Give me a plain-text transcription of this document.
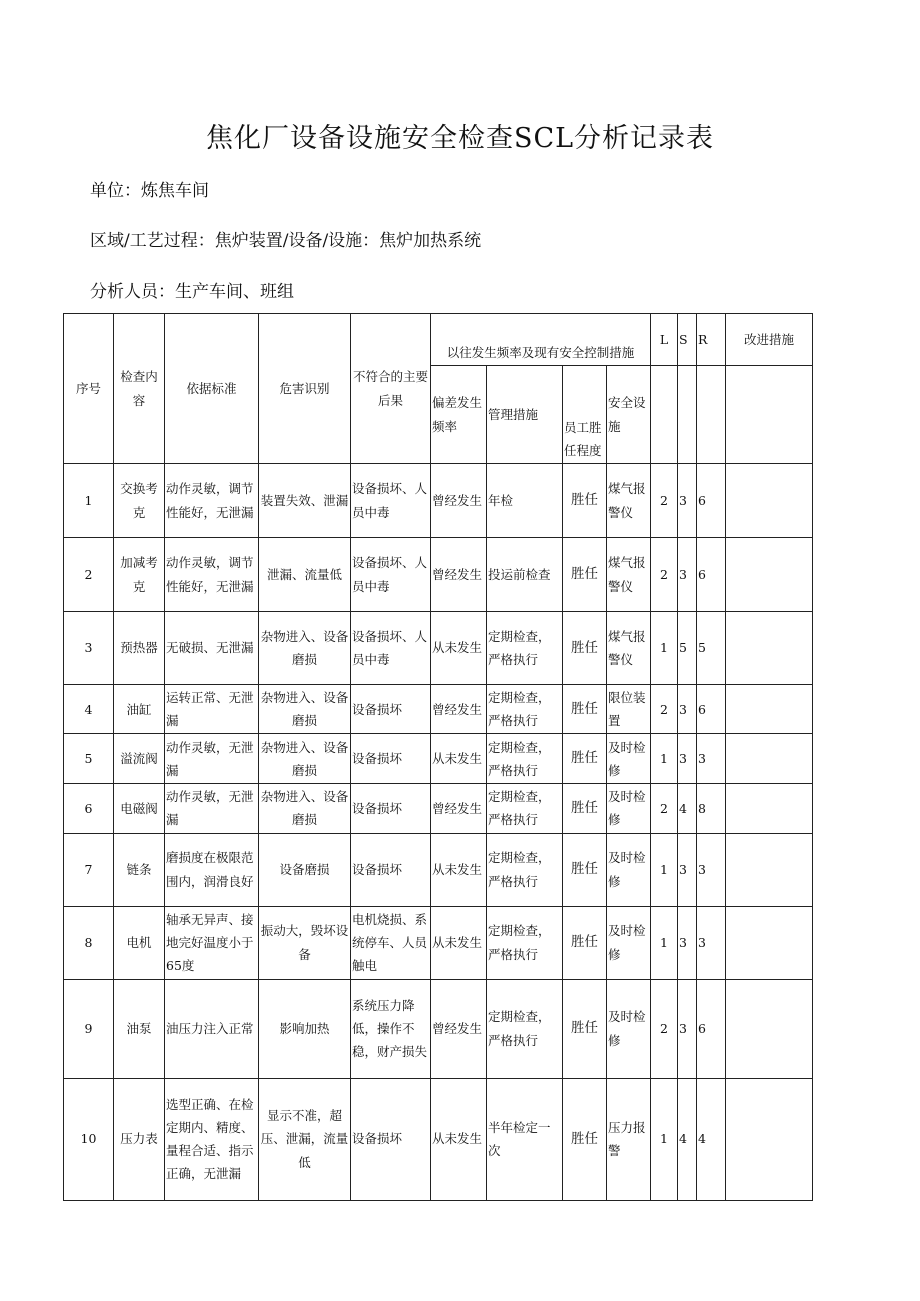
焦化厂设备设施安全检查SCL分析记录表
单位：炼焦车间
区域/工艺过程：焦炉装置/设备/设施：焦炉加热系统
分析人员：生产车间、班组
序号	检查内容	依据标准	危害识别	不符合的主要后果	以往发生频率及现有安全控制措施				L	S	R	改进措施
					偏差发生频率	管理措施	员工胜任程度	安全设施				
1	交换考克	动作灵敏，调节性能好，无泄漏	装置失效、泄漏	设备损坏、人员中毒	曾经发生	年检	胜任	煤气报警仪	2	3	6	
2	加减考克	动作灵敏，调节性能好，无泄漏	泄漏、流量低	设备损坏、人员中毒	曾经发生	投运前检查	胜任	煤气报警仪	2	3	6	
3	预热器	无破损、无泄漏	杂物进入、设备磨损	设备损坏、人员中毒	从未发生	定期检查，严格执行	胜任	煤气报警仪	1	5	5	
4	油缸	运转正常、无泄漏	杂物进入、设备磨损	设备损坏	曾经发生	定期检查，严格执行	胜任	限位装置	2	3	6	
5	溢流阀	动作灵敏，无泄漏	杂物进入、设备磨损	设备损坏	从未发生	定期检查，严格执行	胜任	及时检修	1	3	3	
6	电磁阀	动作灵敏，无泄漏	杂物进入、设备磨损	设备损坏	曾经发生	定期检查，严格执行	胜任	及时检修	2	4	8	
7	链条	磨损度在极限范围内，润滑良好	设备磨损	设备损坏	从未发生	定期检查，严格执行	胜任	及时检修	1	3	3	
8	电机	轴承无异声、接地完好温度小于65度	振动大，毁坏设备	电机烧损、系统停车、人员触电	从未发生	定期检查，严格执行	胜任	及时检修	1	3	3	
9	油泵	油压力注入正常	影响加热	系统压力降低，操作不稳，财产损失	曾经发生	定期检查，严格执行	胜任	及时检修	2	3	6	
10	压力表	选型正确、在检定期内、精度、量程合适、指示正确，无泄漏	显示不准，超压、泄漏，流量低	设备损坏	从未发生	半年检定一次	胜任	压力报警	1	4	4	
